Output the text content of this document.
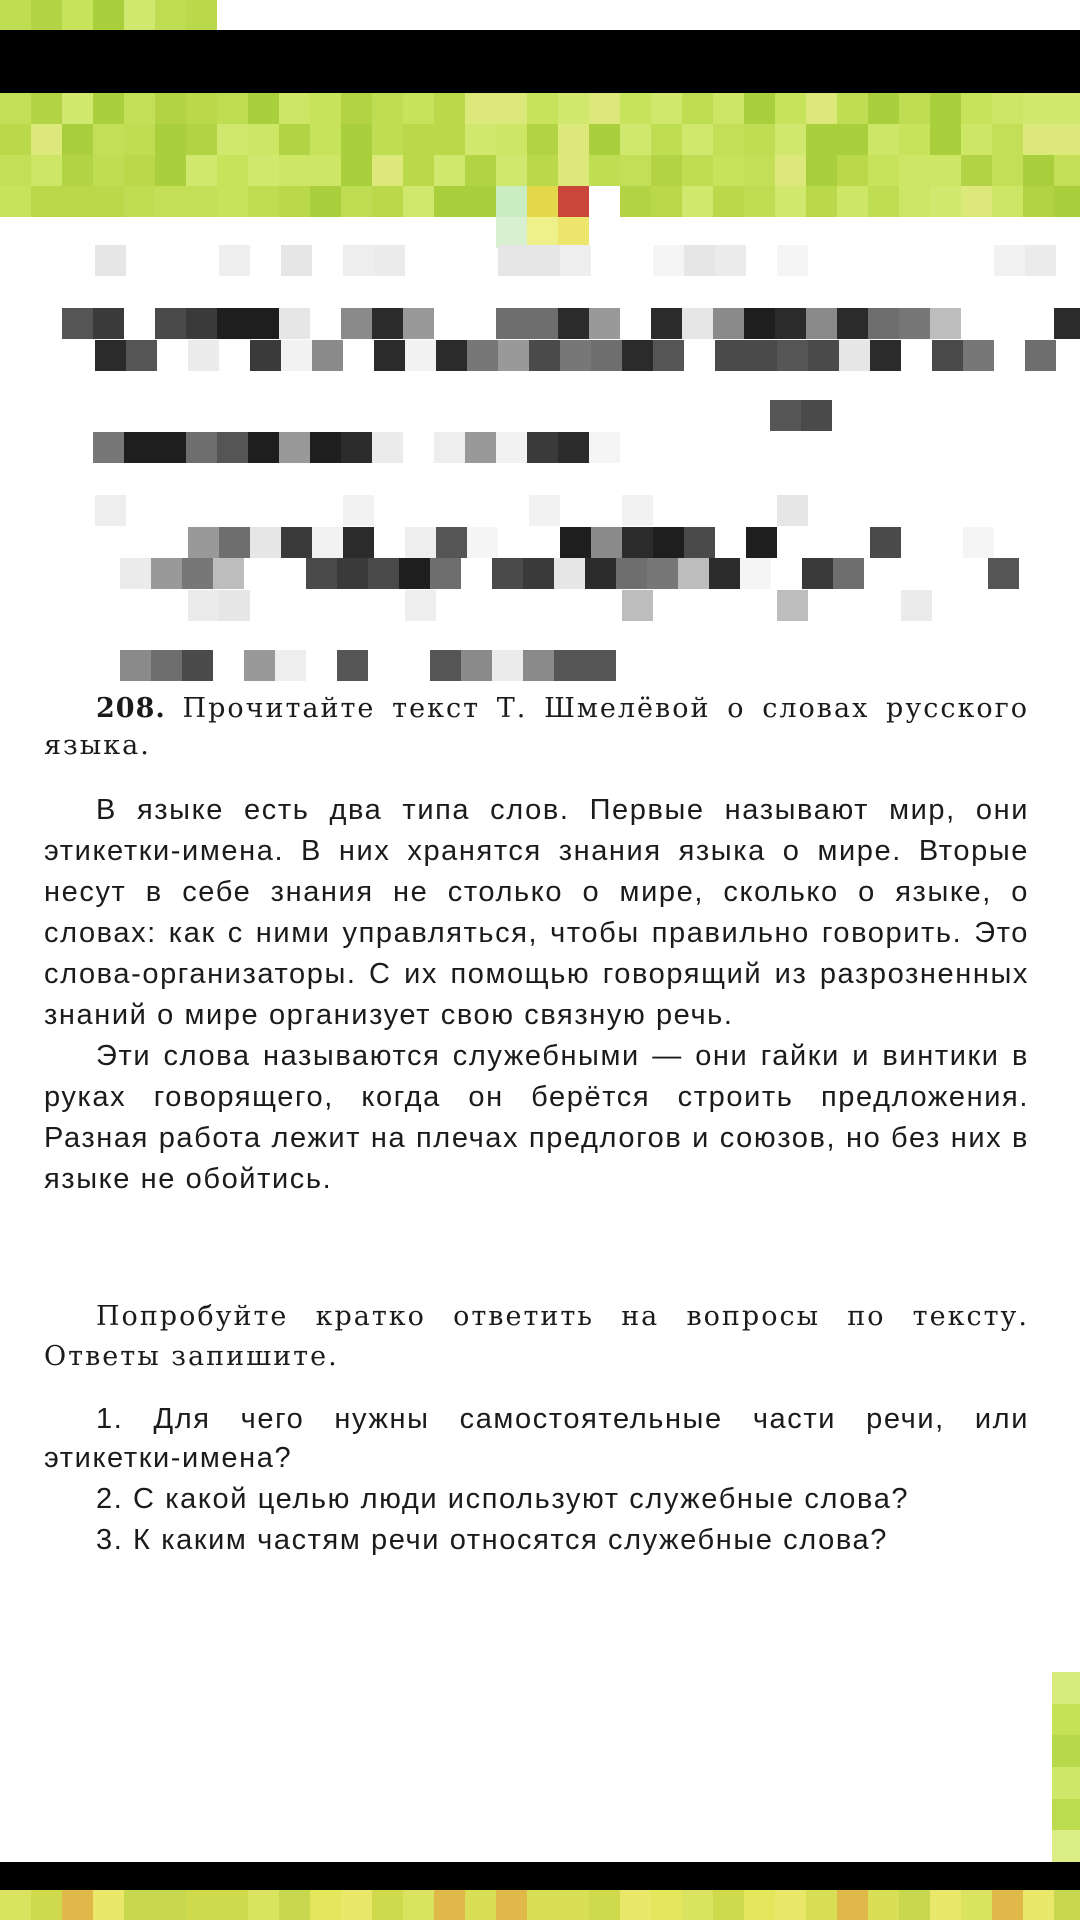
208. Прочитайте текст Т. Шмелёвой о словах русского языка.

В языке есть два типа слов. Первые называют мир, они этикетки-имена. В них хранятся знания языка о мире. Вторые несут в себе знания не столько о мире, сколько о языке, о словах: как с ними управляться, чтобы правильно говорить. Это слова-организаторы. С их помощью говорящий из разрозненных знаний о мире организует свою связную речь.

Эти слова называются служебными — они гайки и винтики в руках говорящего, когда он берётся строить предложения. Разная работа лежит на плечах предлогов и союзов, но без них в языке не обойтись.

Попробуйте кратко ответить на вопросы по тексту. Ответы запишите.

1. Для чего нужны самостоятельные части речи, или этикетки-имена?

2. С какой целью люди используют служебные слова?

3. К каким частям речи относятся служебные слова?
